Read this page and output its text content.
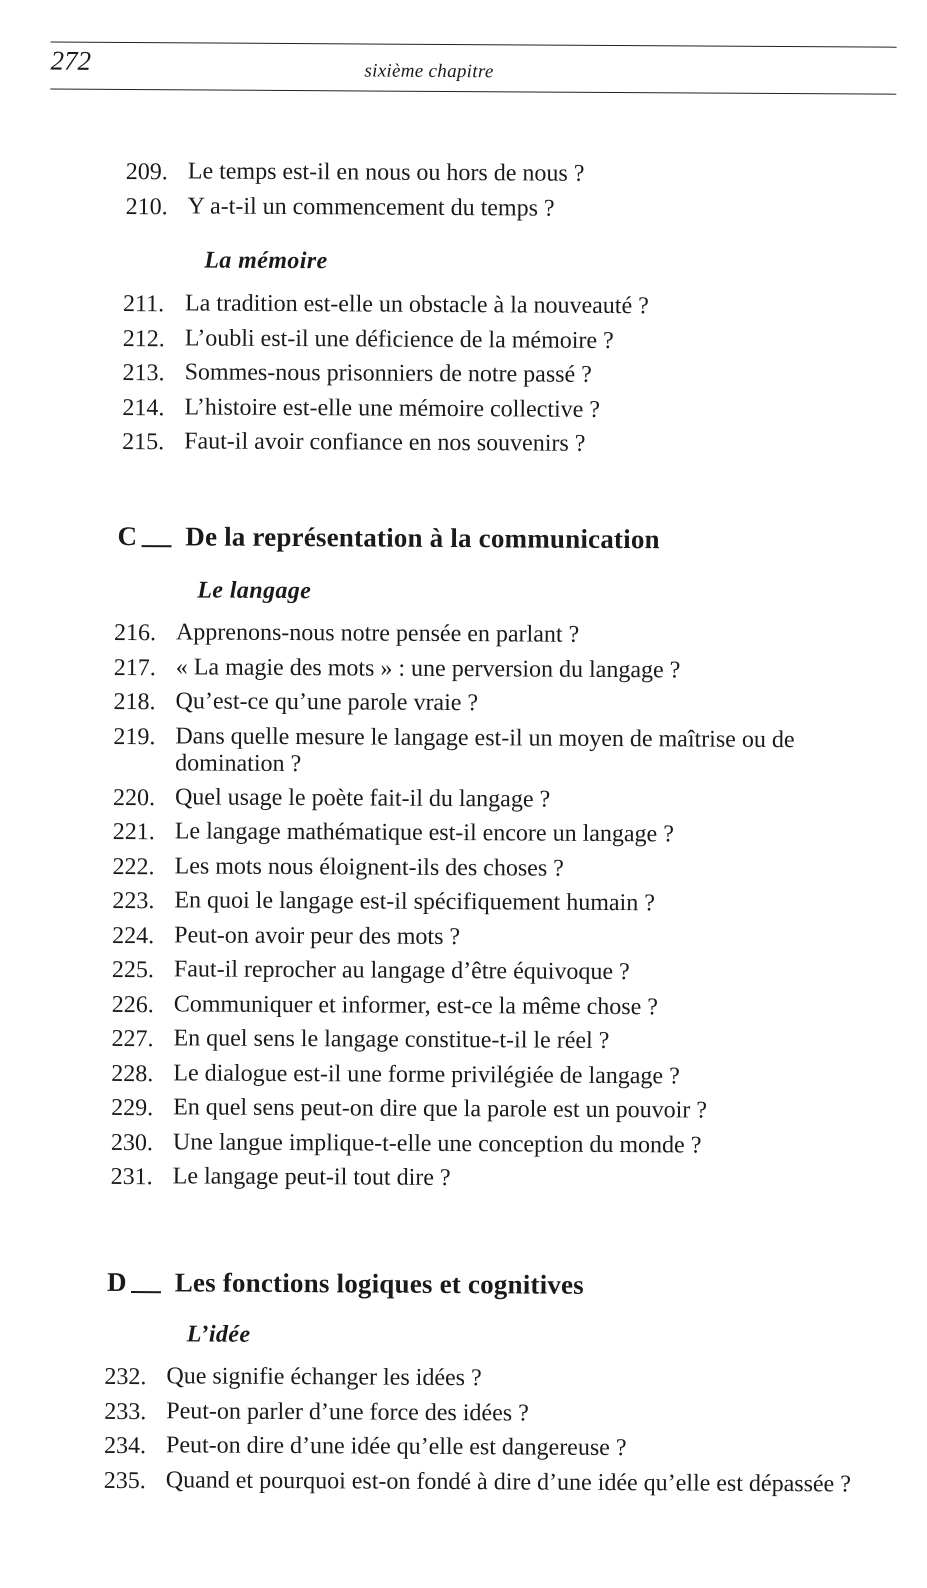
272	sixième chapitre
209. Le temps est-il en nous ou hors de nous ?
210. Y a-t-il un commencement du temps ?
La mémoire
211. La tradition est-elle un obstacle à la nouveauté ?
212. L’oubli est-il une déficience de la mémoire ?
213. Sommes-nous prisonniers de notre passé ?
214. L’histoire est-elle une mémoire collective ?
215. Faut-il avoir confiance en nos souvenirs ?
C De la représentation à la communication
Le langage
216. Apprenons-nous notre pensée en parlant ?
217. « La magie des mots » : une perversion du langage ?
218. Qu’est-ce qu’une parole vraie ?
219. Dans quelle mesure le langage est-il un moyen de maîtrise ou de domination ?
220. Quel usage le poète fait-il du langage ?
221. Le langage mathématique est-il encore un langage ?
222. Les mots nous éloignent-ils des choses ?
223. En quoi le langage est-il spécifiquement humain ?
224. Peut-on avoir peur des mots ?
225. Faut-il reprocher au langage d’être équivoque ?
226. Communiquer et informer, est-ce la même chose ?
227. En quel sens le langage constitue-t-il le réel ?
228. Le dialogue est-il une forme privilégiée de langage ?
229. En quel sens peut-on dire que la parole est un pouvoir ?
230. Une langue implique-t-elle une conception du monde ?
231. Le langage peut-il tout dire ?
D Les fonctions logiques et cognitives
L’idée
232. Que signifie échanger les idées ?
233. Peut-on parler d’une force des idées ?
234. Peut-on dire d’une idée qu’elle est dangereuse ?
235. Quand et pourquoi est-on fondé à dire d’une idée qu’elle est dépassée ?
